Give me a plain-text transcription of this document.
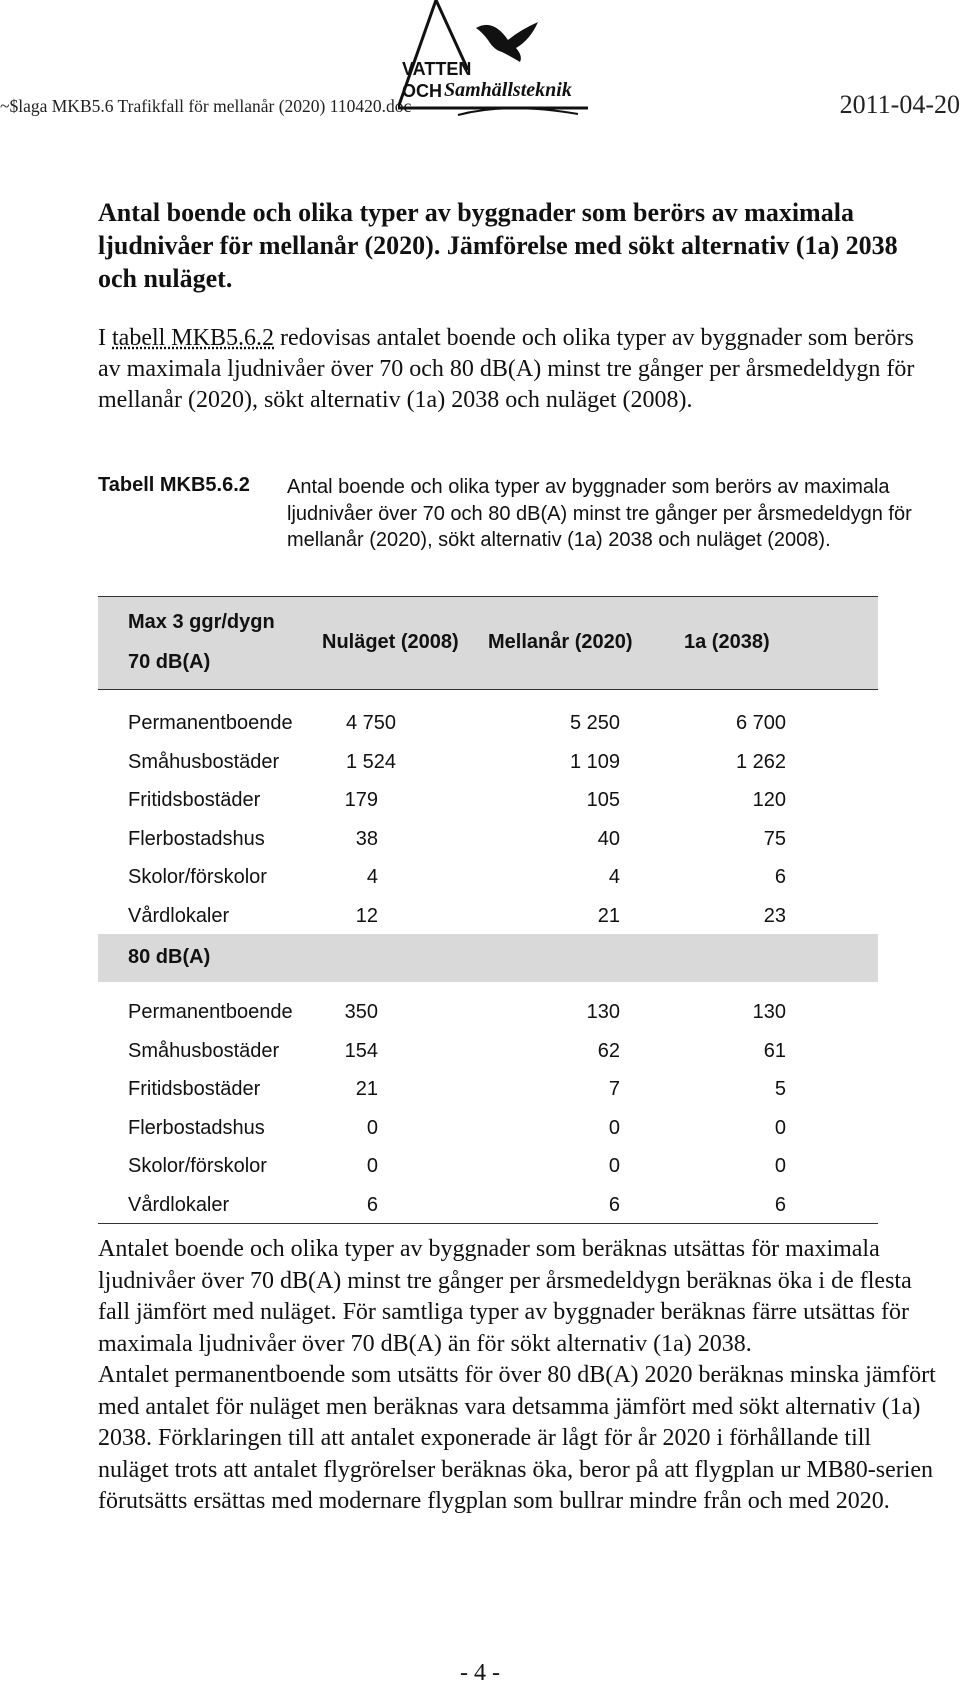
~$laga MKB5.6 Trafikfall för mellanår (2020) 110420.doc
VATTEN
OCH Samhällsteknik	2011-04-20
Antal boende och olika typer av byggnader som berörs av maximala ljudnivåer för mellanår (2020). Jämförelse med sökt alternativ (1a) 2038 och nuläget.
I tabell MKB5.6.2 redovisas antalet boende och olika typer av byggnader som berörs av maximala ljudnivåer över 70 och 80 dB(A) minst tre gånger per årsmedeldygn för mellanår (2020), sökt alternativ (1a) 2038 och nuläget (2008).
Tabell MKB5.6.2 Antal boende och olika typer av byggnader som berörs av maximala ljudnivåer över 70 och 80 dB(A) minst tre gånger per årsmedeldygn för mellanår (2020), sökt alternativ (1a) 2038 och nuläget (2008).
Max 3 ggr/dygn
70 dB(A)
Nuläget (2008) Mellanår (2020)	1a (2038)
Permanentboende	4 750	5 250	6 700
Småhusbostäder	1 524	1 109	1 262
Fritidsbostäder	179	105	120
Flerbostadshus	38	40	75
Skolor/förskolor	4	4	6
Vårdlokaler	12	21	23
80 dB(A)
Permanentboende	350	130	130
Småhusbostäder	154	62	61
Fritidsbostäder	21	7	5
Flerbostadshus	0	0	0
Skolor/förskolor	0	0	0
Vårdlokaler	6	6	6

Antalet boende och olika typer av byggnader som beräknas utsättas för maximala ljudnivåer över 70 dB(A) minst tre gånger per årsmedeldygn beräknas öka i de flesta fall jämfört med nuläget. För samtliga typer av byggnader beräknas färre utsättas för maximala ljudnivåer över 70 dB(A) än för sökt alternativ (1a) 2038.

Antalet permanentboende som utsätts för över 80 dB(A) 2020 beräknas minska jämfört med antalet för nuläget men beräknas vara detsamma jämfört med sökt alternativ (1a) 2038. Förklaringen till att antalet exponerade är lågt för år 2020 i förhållande till nuläget trots att antalet flygrörelser beräknas öka, beror på att flygplan ur MB80-serien förutsätts ersättas med modernare flygplan som bullrar mindre från och med 2020.

- 4 -
